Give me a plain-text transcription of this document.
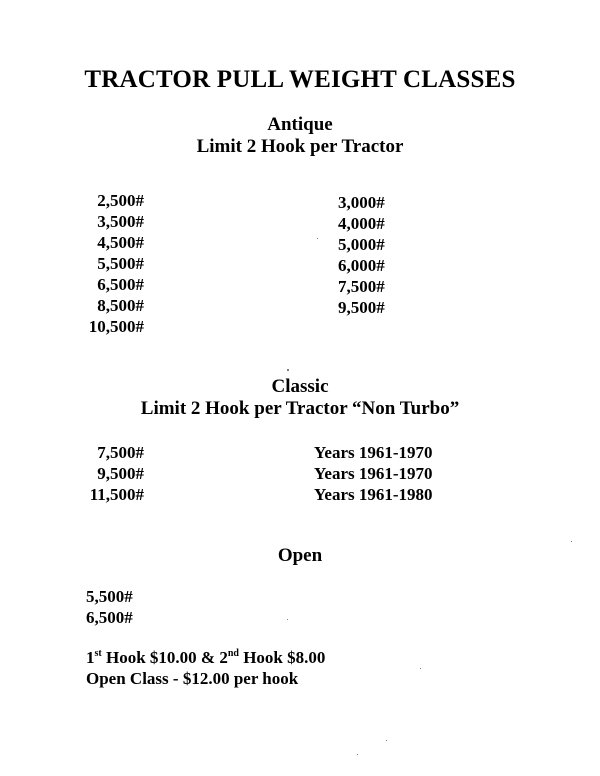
TRACTOR PULL WEIGHT CLASSES
Antique
Limit 2 Hook per Tractor
2,500#
3,500#
4,500#
5,500#
6,500#
8,500#
10,500#
3,000#
4,000#
5,000#
6,000#
7,500#
9,500#
Classic
Limit 2 Hook per Tractor “Non Turbo”
7,500#
9,500#
11,500#
Years 1961-1970
Years 1961-1970
Years 1961-1980
Open
5,500#
6,500#
1st Hook $10.00 & 2nd Hook $8.00
Open Class - $12.00 per hook
